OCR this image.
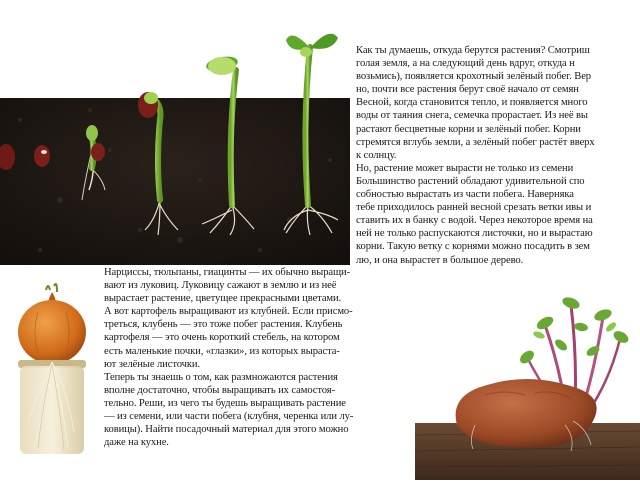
Как ты думаешь, откуда берутся растения? Смотриш
голая земля, а на следующий день вдруг, откуда н
возьмись), появляется крохотный зелёный побег. Вер
но, почти все растения берут своё начало от семян
Весной, когда становится тепло, и появляется много
воды от таяния снега, семечка прорастает. Из неё вы
растают бесцветные корни и зелёный побег. Корни
стремятся вглубь земли, а зелёный побег растёт вверх
к солнцу.
Но, растение может вырасти не только из семени
Большинство растений обладают удивительной спо
собностью вырастать из части побега. Наверняка
тебе приходилось ранней весной срезать ветки ивы и
ставить их в банку с водой. Через некоторое время на
ней не только распускаются листочки, но и вырастаю
корни. Такую ветку с корнями можно посадить в зем
лю, и она вырастет в большое дерево.

Нарциссы, тюльпаны, гиацинты — их обычно выращи-
вают из луковиц. Луковицу сажают в землю и из неё
вырастает растение, цветущее прекрасными цветами.
А вот картофель выращивают из клубней. Если присмо-
треться, клубень — это тоже побег растения. Клубень
картофеля — это очень короткий стебель, на котором
есть маленькие почки, «глазки», из которых выраста-
ют зелёные листочки.
Теперь ты знаешь о том, как размножаются растения
вполне достаточно, чтобы выращивать их самостоя-
тельно. Реши, из чего ты будешь выращивать растение
— из семени, или части побега (клубня, черенка или лу-
ковицы). Найти посадочный материал для этого можно
даже на кухне.
